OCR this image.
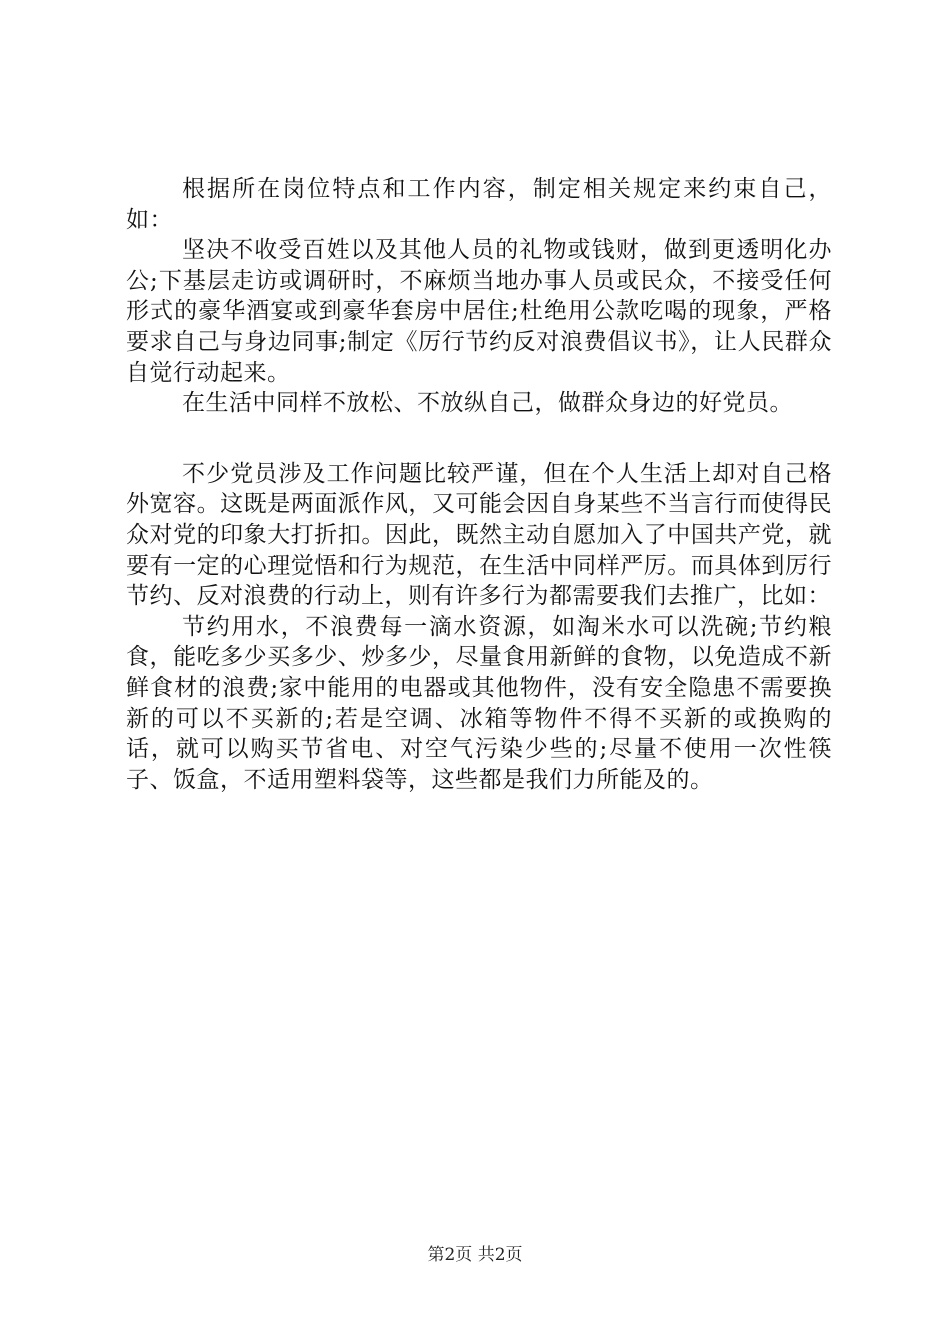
根据所在岗位特点和工作内容，制定相关规定来约束自己，如：

坚决不收受百姓以及其他人员的礼物或钱财，做到更透明化办公;下基层走访或调研时，不麻烦当地办事人员或民众，不接受任何形式的豪华酒宴或到豪华套房中居住;杜绝用公款吃喝的现象，严格要求自己与身边同事;制定《厉行节约反对浪费倡议书》，让人民群众自觉行动起来。

在生活中同样不放松、不放纵自己，做群众身边的好党员。

不少党员涉及工作问题比较严谨，但在个人生活上却对自己格外宽容。这既是两面派作风，又可能会因自身某些不当言行而使得民众对党的印象大打折扣。因此，既然主动自愿加入了中国共产党，就要有一定的心理觉悟和行为规范，在生活中同样严厉。而具体到厉行节约、反对浪费的行动上，则有许多行为都需要我们去推广，比如：

节约用水，不浪费每一滴水资源，如淘米水可以洗碗;节约粮食，能吃多少买多少、炒多少，尽量食用新鲜的食物，以免造成不新鲜食材的浪费;家中能用的电器或其他物件，没有安全隐患不需要换新的可以不买新的;若是空调、冰箱等物件不得不买新的或换购的话，就可以购买节省电、对空气污染少些的;尽量不使用一次性筷子、饭盒，不适用塑料袋等，这些都是我们力所能及的。

第2页 共2页
